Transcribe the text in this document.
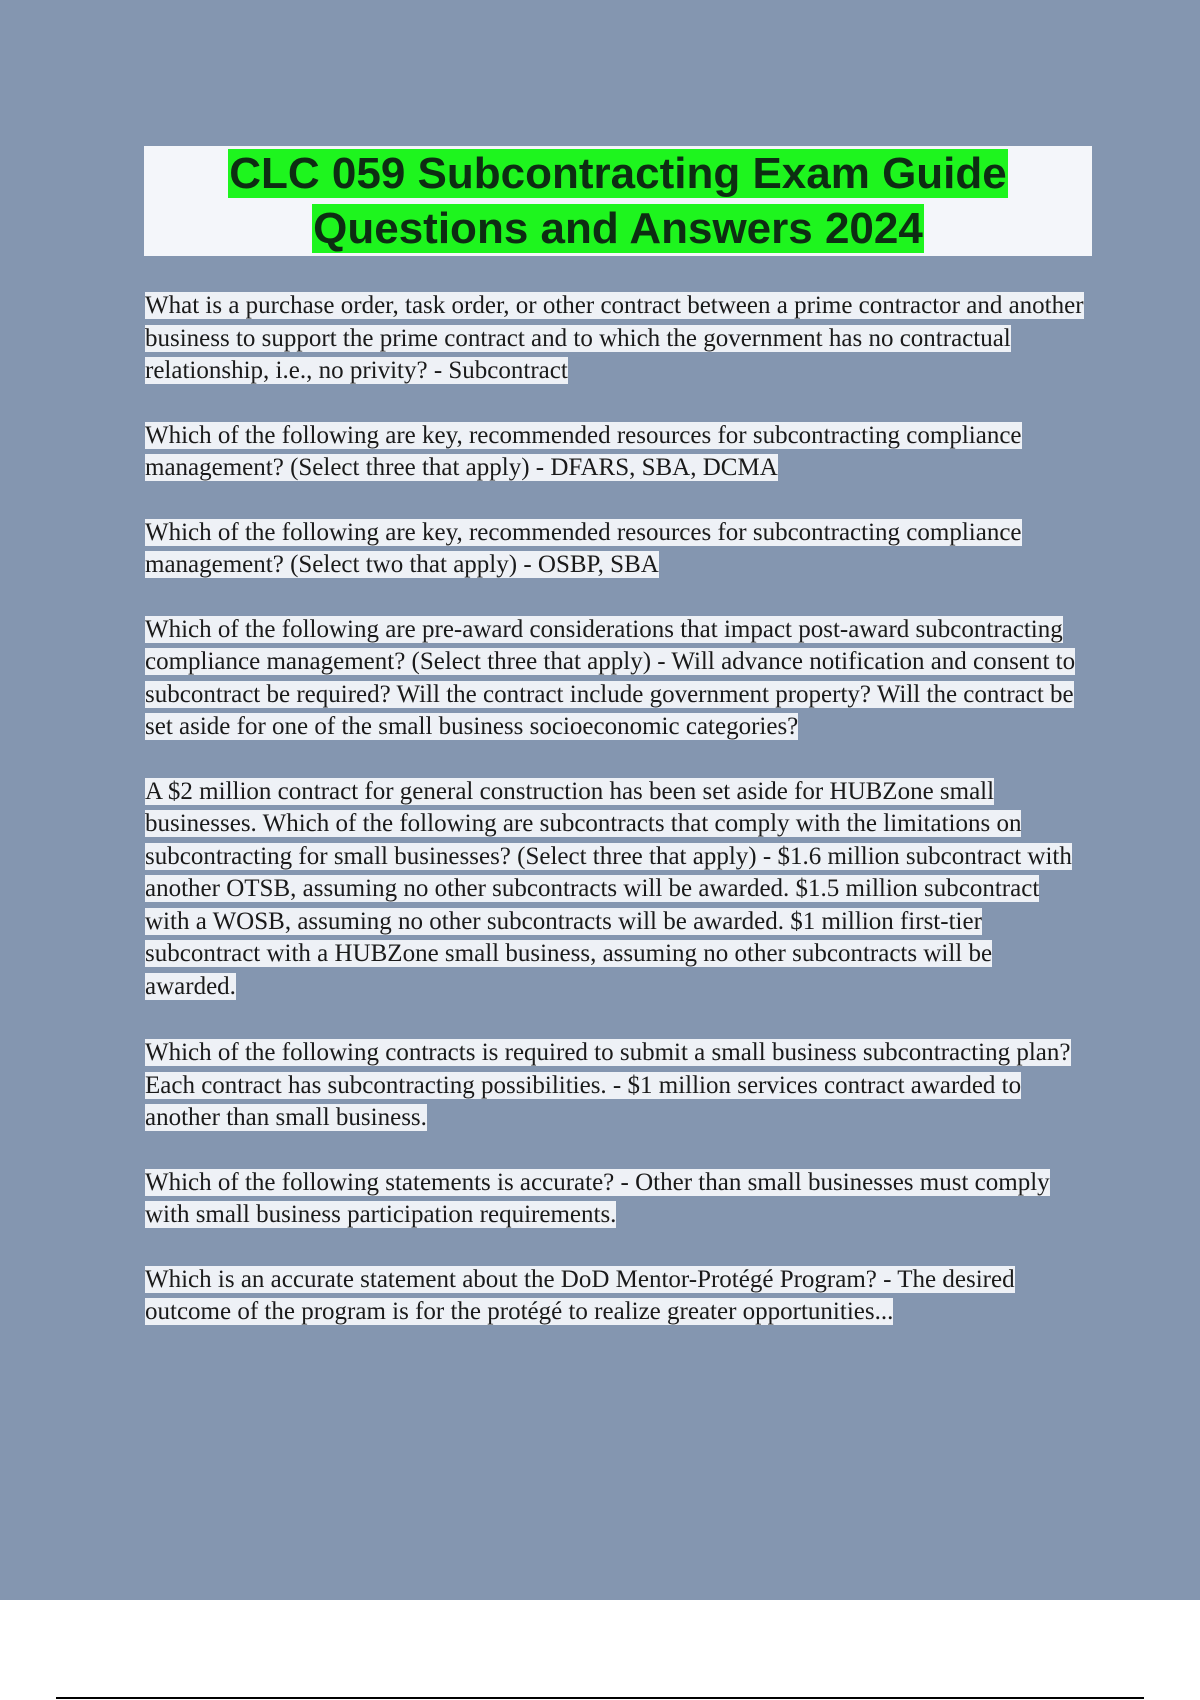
CLC 059 Subcontracting Exam Guide

Questions and Answers 2024

What is a purchase order, task order, or other contract between a prime contractor and another business to support the prime contract and to which the government has no contractual relationship, i.e., no privity? - Subcontract

Which of the following are key, recommended resources for subcontracting compliance management? (Select three that apply) - DFARS, SBA, DCMA

Which of the following are key, recommended resources for subcontracting compliance management? (Select two that apply) - OSBP, SBA

Which of the following are pre-award considerations that impact post-award subcontracting compliance management? (Select three that apply) - Will advance notification and consent to subcontract be required? Will the contract include government property? Will the contract be set aside for one of the small business socioeconomic categories?

A $2 million contract for general construction has been set aside for HUBZone small businesses. Which of the following are subcontracts that comply with the limitations on subcontracting for small businesses? (Select three that apply) - $1.6 million subcontract with another OTSB, assuming no other subcontracts will be awarded. $1.5 million subcontract with a WOSB, assuming no other subcontracts will be awarded. $1 million first-tier subcontract with a HUBZone small business, assuming no other subcontracts will be awarded.

Which of the following contracts is required to submit a small business subcontracting plan? Each contract has subcontracting possibilities. - $1 million services contract awarded to another than small business.

Which of the following statements is accurate? - Other than small businesses must comply with small business participation requirements.

Which is an accurate statement about the DoD Mentor-Protégé Program? - The desired outcome of the program is for the protégé to realize greater opportunities...
